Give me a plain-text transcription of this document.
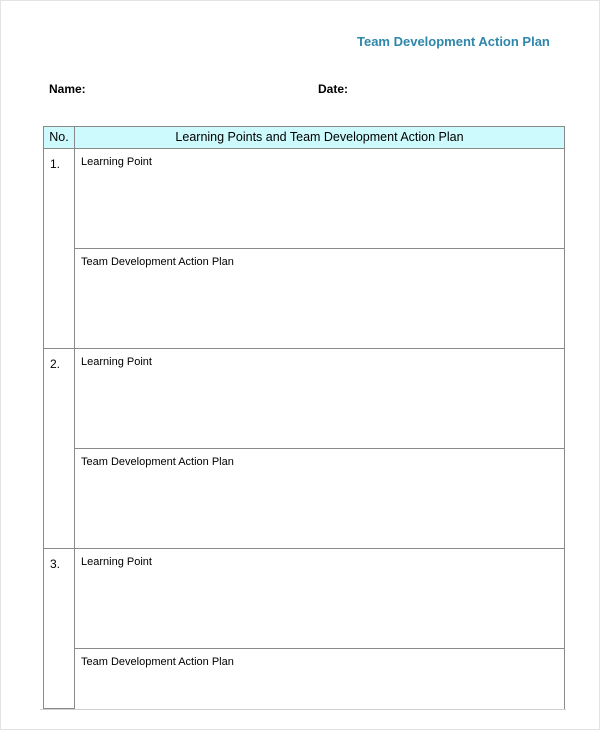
Team Development Action Plan
Name:	Date:
No.	Learning Points and Team Development Action Plan
1.	Learning Point
	Team Development Action Plan
2.	Learning Point
	Team Development Action Plan
3.	Learning Point
	Team Development Action Plan
